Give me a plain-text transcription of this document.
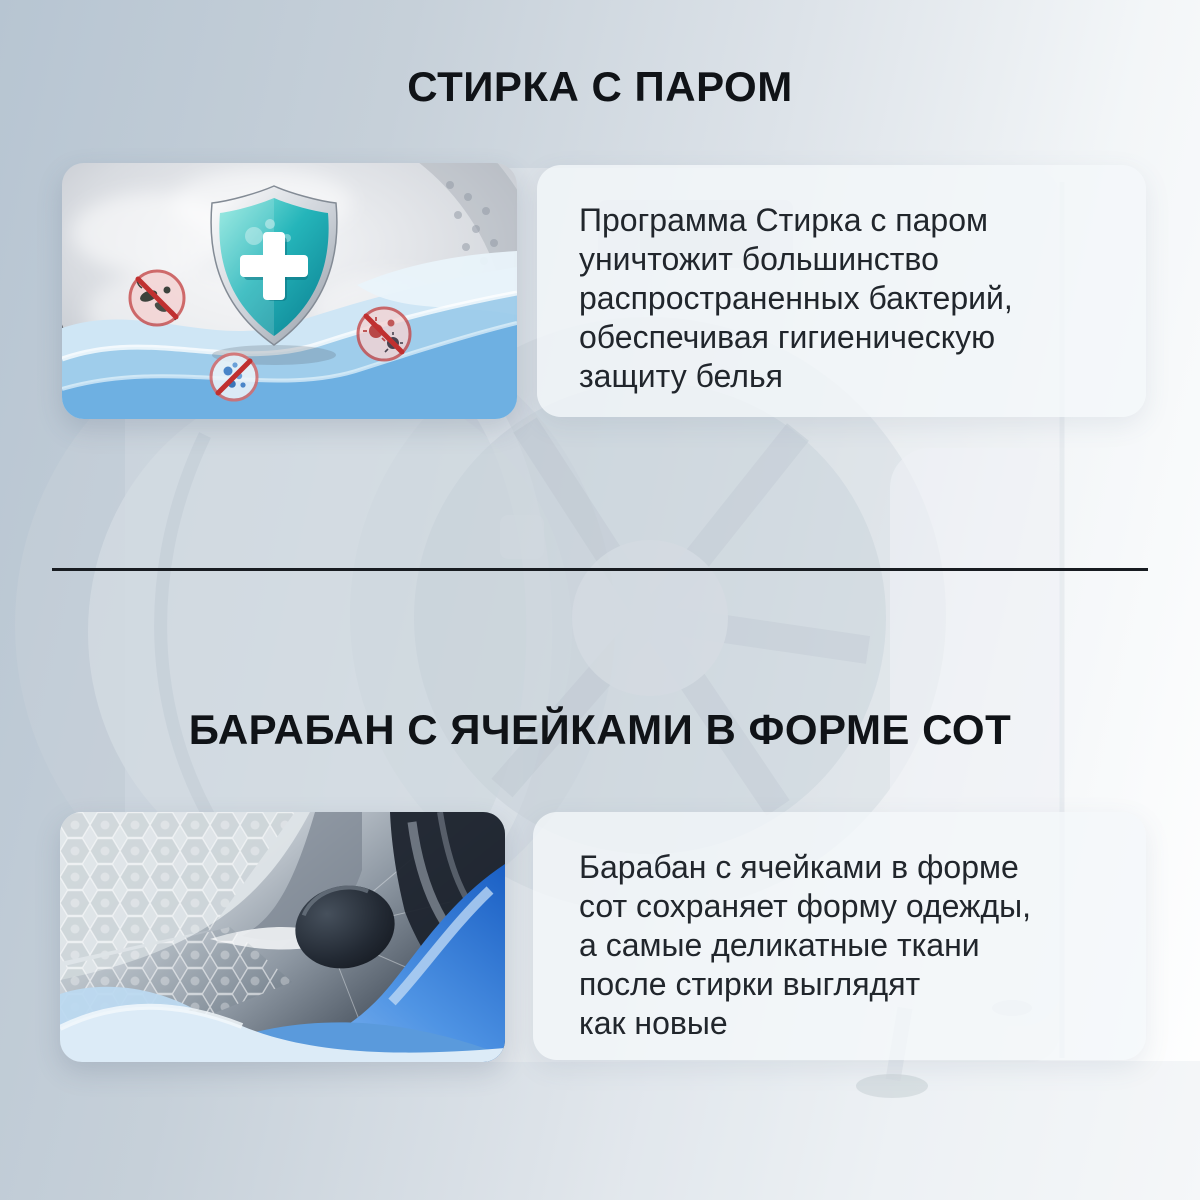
СТИРКА С ПАРОМ
Программа Стирка с паром
уничтожит большинство
распространенных бактерий,
обеспечивая гигиеническую
защиту белья
БАРАБАН С ЯЧЕЙКАМИ В ФОРМЕ СОТ
Барабан с ячейками в форме
сот сохраняет форму одежды,
а самые деликатные ткани
после стирки выглядят
как новые
